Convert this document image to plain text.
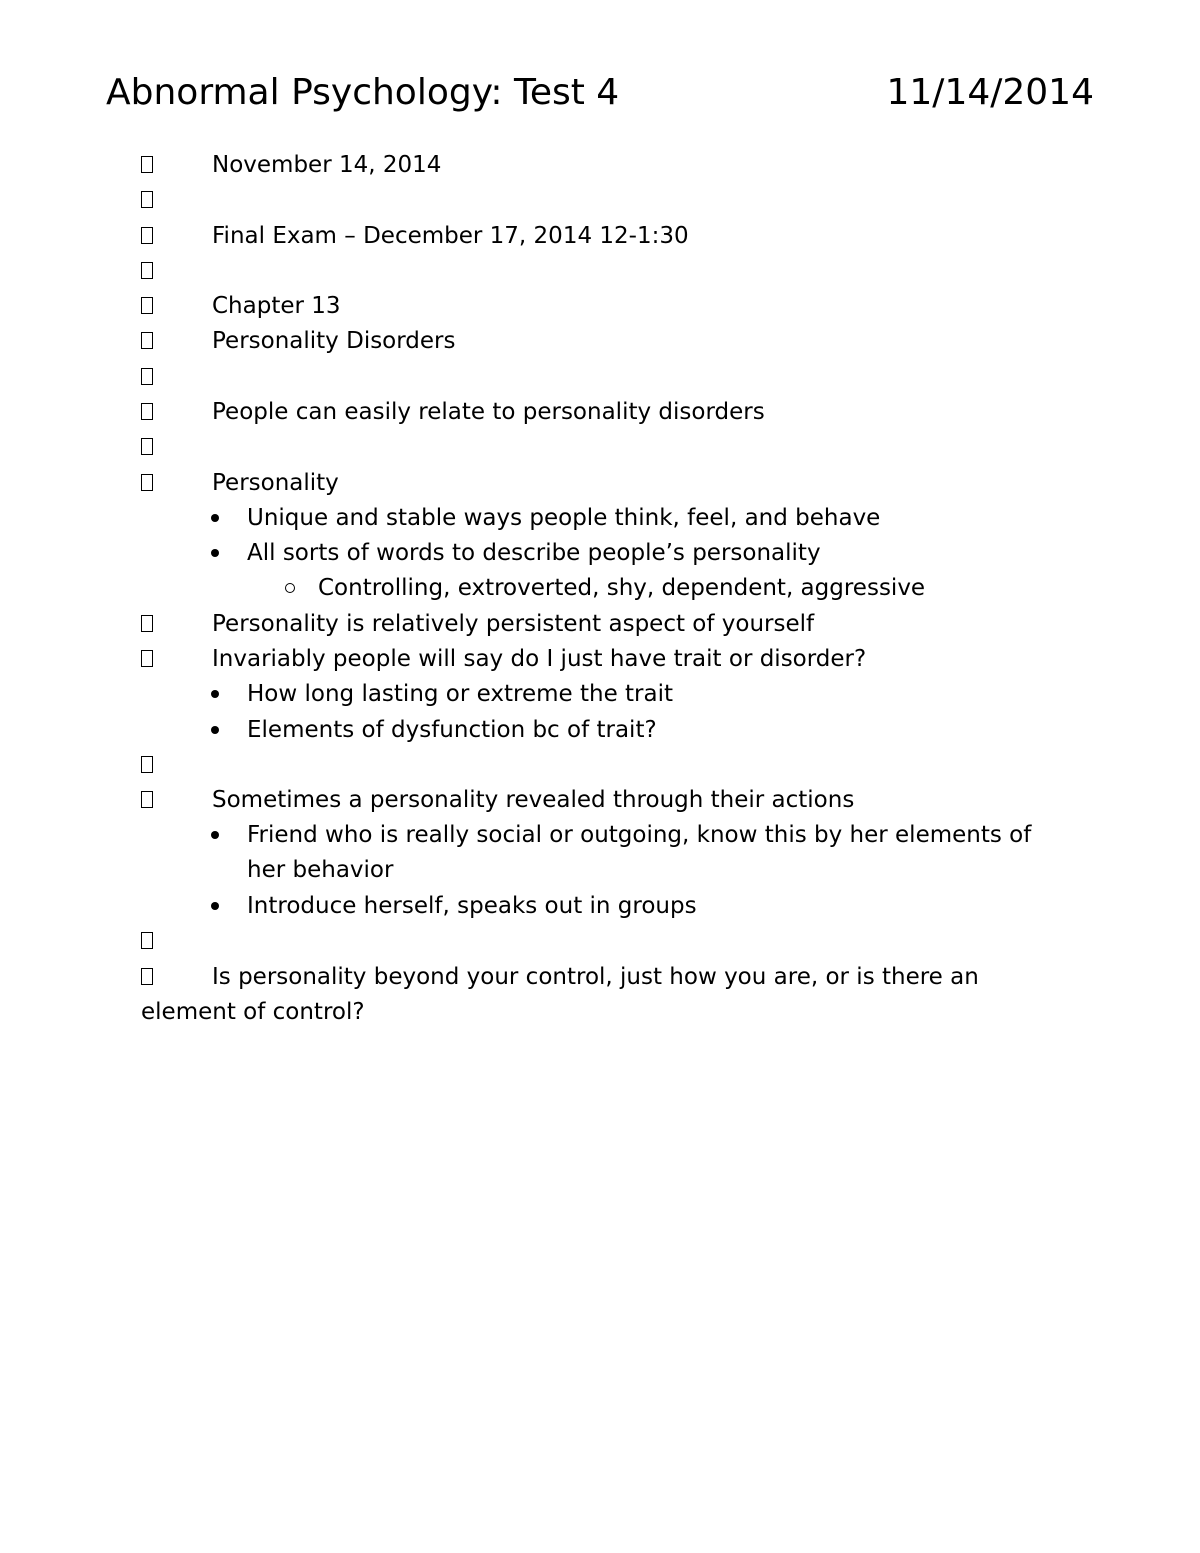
Abnormal Psychology: Test 4	11/14/2014
November 14, 2014
Final Exam – December 17, 2014 12-1:30
Chapter 13
Personality Disorders
People can easily relate to personality disorders
Personality
Unique and stable ways people think, feel, and behave
All sorts of words to describe people’s personality
Controlling, extroverted, shy, dependent, aggressive
Personality is relatively persistent aspect of yourself
Invariably people will say do I just have trait or disorder?
How long lasting or extreme the trait
Elements of dysfunction bc of trait?
Sometimes a personality revealed through their actions
Friend who is really social or outgoing, know this by her elements of
her behavior
Introduce herself, speaks out in groups
Is personality beyond your control, just how you are, or is there an
element of control?
